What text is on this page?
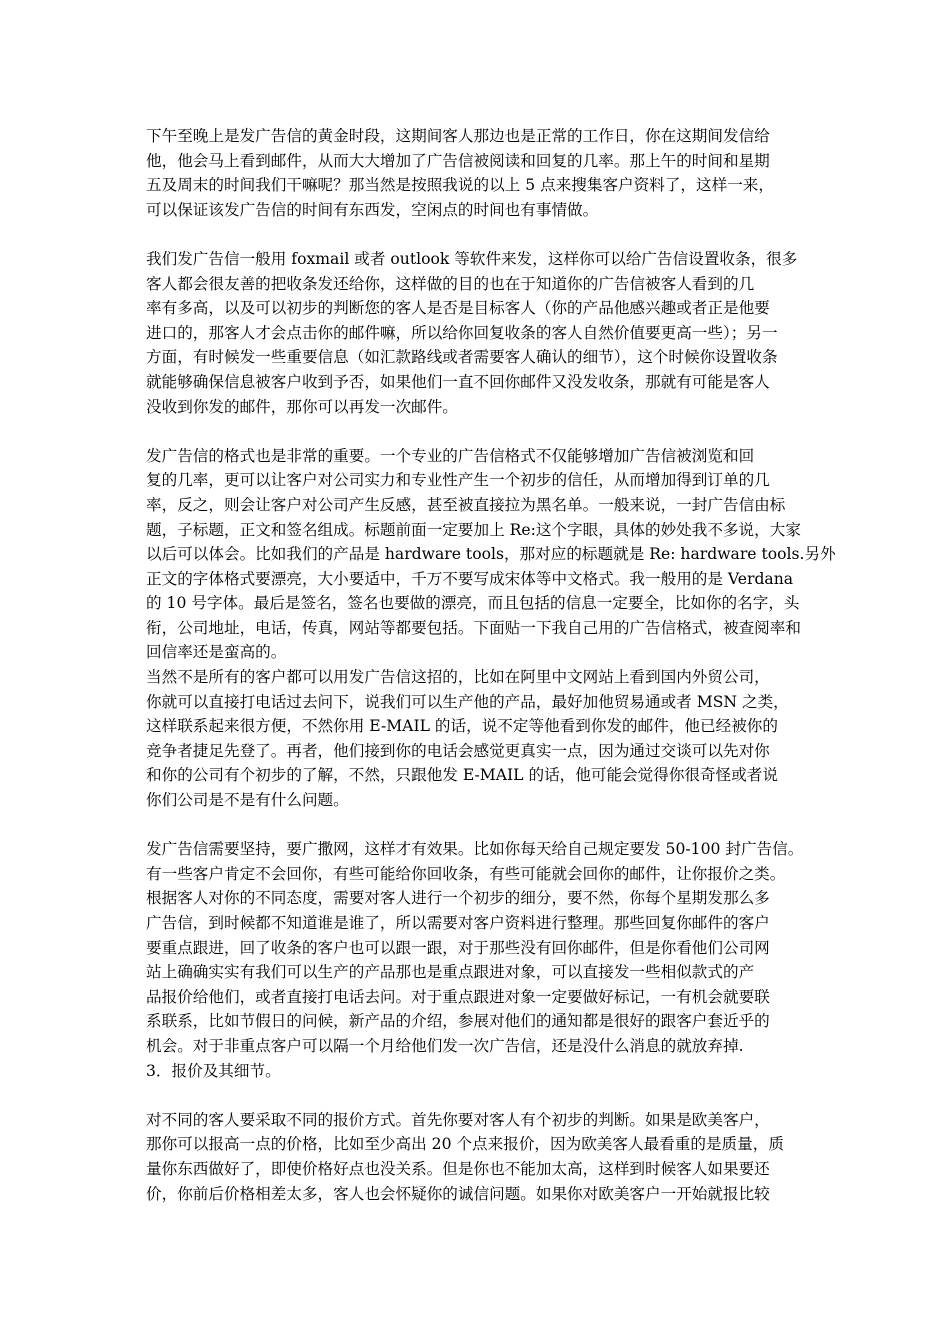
下午至晚上是发广告信的黄金时段，这期间客人那边也是正常的工作日，你在这期间发信给
他，他会马上看到邮件，从而大大增加了广告信被阅读和回复的几率。那上午的时间和星期
五及周末的时间我们干嘛呢？那当然是按照我说的以上 5 点来搜集客户资料了，这样一来，
可以保证该发广告信的时间有东西发，空闲点的时间也有事情做。
我们发广告信一般用 foxmail 或者 outlook 等软件来发，这样你可以给广告信设置收条，很多
客人都会很友善的把收条发还给你，这样做的目的也在于知道你的广告信被客人看到的几
率有多高，以及可以初步的判断您的客人是否是目标客人（你的产品他感兴趣或者正是他要
进口的，那客人才会点击你的邮件嘛，所以给你回复收条的客人自然价值要更高一些）；另一
方面，有时候发一些重要信息（如汇款路线或者需要客人确认的细节），这个时候你设置收条
就能够确保信息被客户收到予否，如果他们一直不回你邮件又没发收条，那就有可能是客人
没收到你发的邮件，那你可以再发一次邮件。
发广告信的格式也是非常的重要。一个专业的广告信格式不仅能够增加广告信被浏览和回
复的几率，更可以让客户对公司实力和专业性产生一个初步的信任，从而增加得到订单的几
率，反之，则会让客户对公司产生反感，甚至被直接拉为黑名单。一般来说，一封广告信由标
题，子标题，正文和签名组成。标题前面一定要加上 Re:这个字眼，具体的妙处我不多说，大家
以后可以体会。比如我们的产品是 hardware tools，那对应的标题就是 Re: hardware tools.另外
正文的字体格式要漂亮，大小要适中，千万不要写成宋体等中文格式。我一般用的是 Verdana
的 10 号字体。最后是签名，签名也要做的漂亮，而且包括的信息一定要全，比如你的名字，头
衔，公司地址，电话，传真，网站等都要包括。下面贴一下我自己用的广告信格式，被查阅率和
回信率还是蛮高的。
当然不是所有的客户都可以用发广告信这招的，比如在阿里中文网站上看到国内外贸公司，
你就可以直接打电话过去问下，说我们可以生产他的产品，最好加他贸易通或者 MSN 之类，
这样联系起来很方便，不然你用 E-MAIL 的话，说不定等他看到你发的邮件，他已经被你的
竞争者捷足先登了。再者，他们接到你的电话会感觉更真实一点，因为通过交谈可以先对你
和你的公司有个初步的了解，不然，只跟他发 E-MAIL 的话，他可能会觉得你很奇怪或者说
你们公司是不是有什么问题。
发广告信需要坚持，要广撒网，这样才有效果。比如你每天给自己规定要发 50-100 封广告信。
有一些客户肯定不会回你，有些可能给你回收条，有些可能就会回你的邮件，让你报价之类。
根据客人对你的不同态度，需要对客人进行一个初步的细分，要不然，你每个星期发那么多
广告信，到时候都不知道谁是谁了，所以需要对客户资料进行整理。那些回复你邮件的客户
要重点跟进，回了收条的客户也可以跟一跟，对于那些没有回你邮件，但是你看他们公司网
站上确确实实有我们可以生产的产品那也是重点跟进对象，可以直接发一些相似款式的产
品报价给他们，或者直接打电话去问。对于重点跟进对象一定要做好标记，一有机会就要联
系联系，比如节假日的问候，新产品的介绍，参展对他们的通知都是很好的跟客户套近乎的
机会。对于非重点客户可以隔一个月给他们发一次广告信，还是没什么消息的就放弃掉.
3．报价及其细节。
对不同的客人要采取不同的报价方式。首先你要对客人有个初步的判断。如果是欧美客户，
那你可以报高一点的价格，比如至少高出 20 个点来报价，因为欧美客人最看重的是质量，质
量你东西做好了，即使价格好点也没关系。但是你也不能加太高，这样到时候客人如果要还
价，你前后价格相差太多，客人也会怀疑你的诚信问题。如果你对欧美客户一开始就报比较
